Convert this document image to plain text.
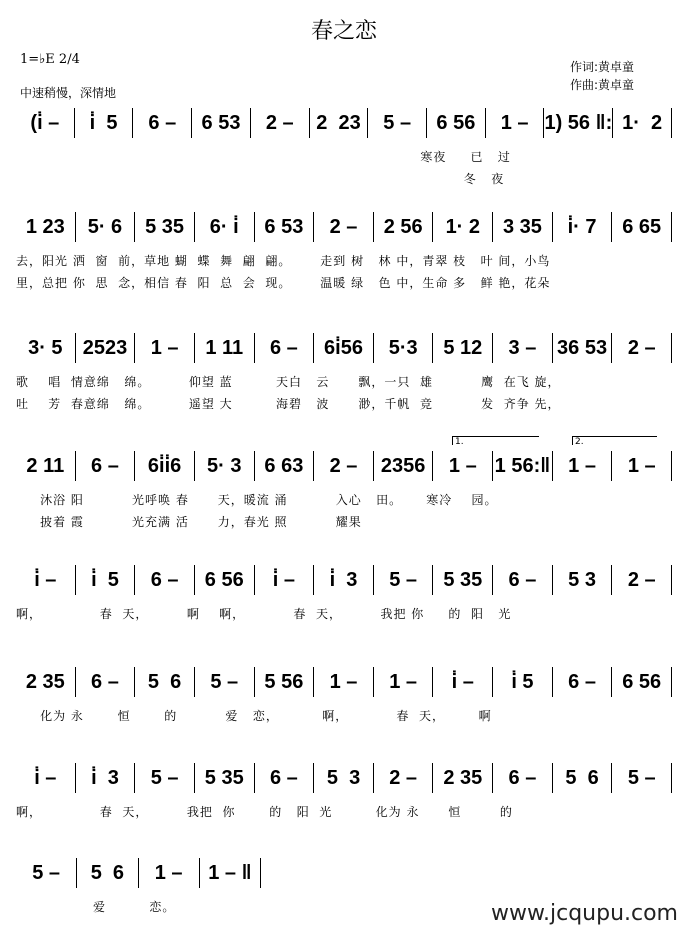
春之恋
1=♭E 2/4
中速稍慢，深情地
作词:黄卓童
作曲:黄卓童
1.	2.
www.jcqupu.com
(i̇ –	i̇  5	6 –	6 53	2 –	2  23	5 –	6 56	1 – 1) 56 ‖: 1·  2
寒夜     已   过
冬   夜
1 23	5· 6	5 35	6· i̇	6 53	2 –	2 56	1· 2	3 35	i̇· 7	6 65
去，阳光 洒  窗  前，草地 蝴  蝶  舞  翩  翩。      走到 树   林 中，青翠 枝   叶 间，小鸟
里，总把 你  思  念，相信 春  阳  总  会  现。      温暖 绿   色 中，生命 多   鲜 艳，花朵
3· 5	2523	1 –	1 11	6 –	6i̇56	5·3	5 12	3 –	36 53	2 –
歌    唱  情意绵   绵。        仰望 蓝         天白   云      飘，一只  雄          鹰  在飞 旋，
吐    芳  春意绵   绵。        遥望 大         海碧   波      渺，千帆  竞          发  齐争 先，
2 11	6 –	6i̇i̇6	5· 3	6 63	2 –	2356	1 – 1 56:‖ 1 –	1 –
沐浴 阳          光呼唤 春      天，暖流 涌          入心   田。     寒冷    园。
披着 霞          光充满 活      力，春光 照          耀果
i̇ –	i̇  5	6 –	6 56	i̇ –	i̇  3	5 –	5 35	6 –	5 3	2 –
啊，            春  天，        啊    啊，          春  天，        我把 你     的  阳   光
2 35	6 –	5  6	5 –	5 56	1 –	1 –	i̇ –	i̇ 5	6 –	6 56
化为 永       恒       的          爱   恋，         啊，          春  天，       啊
i̇ –	i̇  3	5 –	5 35	6 –	5  3	2 –	2 35	6 –	5  6	5 –
啊，            春  天，        我把  你       的   阳  光         化为 永      恒        的
5 –	5  6	1 –	1 – ‖
爱         恋。
